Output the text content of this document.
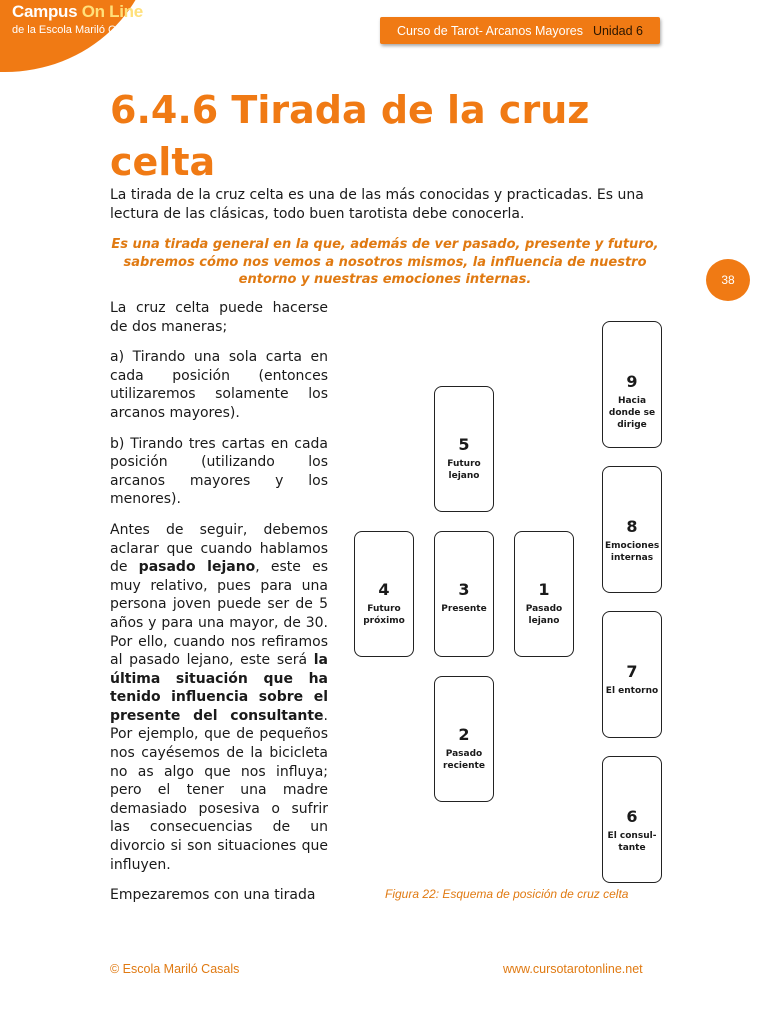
Campus On Line
de la Escola Mariló Casals	Curso de Tarot- Arcanos Mayores Unidad 6
6.4.6 Tirada de la cruz celta

La tirada de la cruz celta es una de las más conocidas y practicadas. Es una lectura de las clásicas, todo buen tarotista debe conocerla.

Es una tirada general en la que, además de ver pasado, presente y futuro, sabremos cómo nos vemos a nosotros mismos, la influencia de nuestro entorno y nuestras emociones internas.	38

La cruz celta puede hacerse de dos maneras;

a) Tirando una sola carta en cada posición (entonces utilizaremos solamente los arcanos mayores).

b) Tirando tres cartas en cada posición (utilizando los arcanos mayores y los menores).

Antes de seguir, debemos aclarar que cuando hablamos de pasado lejano, este es muy relativo, pues para una persona joven puede ser de 5 años y para una mayor, de 30. Por ello, cuando nos refiramos al pasado lejano, este será la última situación que ha tenido influencia sobre el presente del consultante. Por ejemplo, que de pequeños nos cayésemos de la bicicleta no as algo que nos influya; pero el tener una madre demasiado posesiva o sufrir las consecuencias de un divorcio si son situaciones que influyen.

Empezaremos con una tirada

1
Pasado lejano
2
Pasado reciente
3
Presente
4
Futuro próximo
5
Futuro lejano
6
El consul-tante
7
El entorno
8
Emociones internas
9
Hacia donde se dirige
Figura 22: Esquema de posición de cruz celta
© Escola Mariló Casals	www.cursotarotonline.net
